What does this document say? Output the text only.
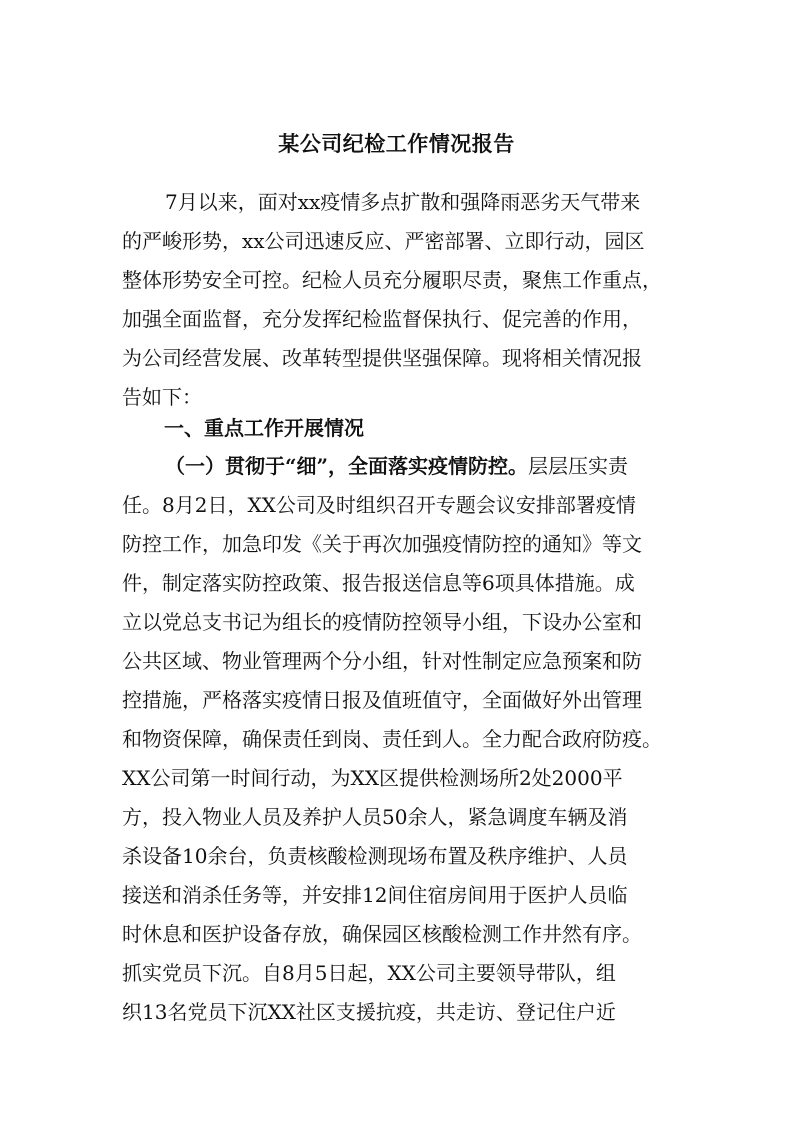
某公司纪检工作情况报告
7月以来，面对xx疫情多点扩散和强降雨恶劣天气带来
的严峻形势，xx公司迅速反应、严密部署、立即行动，园区
整体形势安全可控。纪检人员充分履职尽责，聚焦工作重点，
加强全面监督，充分发挥纪检监督保执行、促完善的作用，
为公司经营发展、改革转型提供坚强保障。现将相关情况报
告如下：
一、重点工作开展情况
（一）贯彻于“细”，全面落实疫情防控。层层压实责
任。8月2日，XX公司及时组织召开专题会议安排部署疫情
防控工作，加急印发《关于再次加强疫情防控的通知》等文
件，制定落实防控政策、报告报送信息等6项具体措施。成
立以党总支书记为组长的疫情防控领导小组，下设办公室和
公共区域、物业管理两个分小组，针对性制定应急预案和防
控措施，严格落实疫情日报及值班值守，全面做好外出管理
和物资保障，确保责任到岗、责任到人。全力配合政府防疫。
XX公司第一时间行动，为XX区提供检测场所2处2000平
方，投入物业人员及养护人员50余人，紧急调度车辆及消
杀设备10余台，负责核酸检测现场布置及秩序维护、人员
接送和消杀任务等，并安排12间住宿房间用于医护人员临
时休息和医护设备存放，确保园区核酸检测工作井然有序。
抓实党员下沉。自8月5日起，XX公司主要领导带队，组
织13名党员下沉XX社区支援抗疫，共走访、登记住户近
